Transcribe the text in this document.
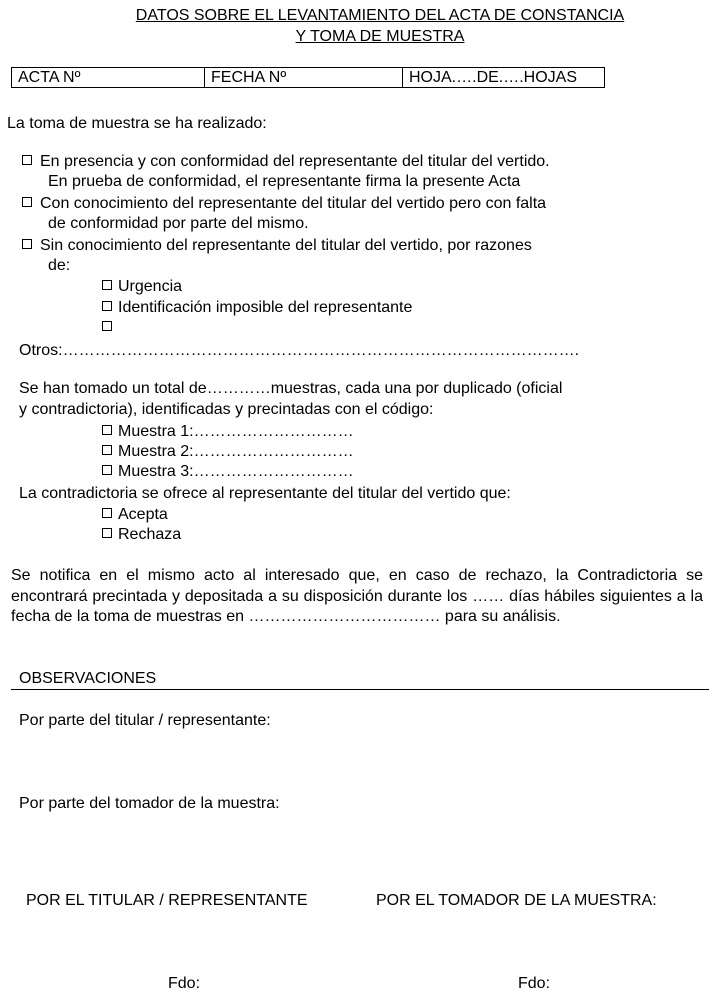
DATOS SOBRE EL LEVANTAMIENTO DEL ACTA DE CONSTANCIA
Y TOMA DE MUESTRA
ACTA Nº	FECHA Nº	HOJA.….DE.….HOJAS
La toma de muestra se ha realizado:
En presencia y con conformidad del representante del titular del vertido.
En prueba de conformidad, el representante firma la presente Acta
Con conocimiento del representante del titular del vertido pero con falta
de conformidad por parte del mismo.
Sin conocimiento del representante del titular del vertido, por razones
de:
Urgencia
Identificación imposible del representante
Otros:…………………………………………………………………………………….
Se han tomado un total de…………muestras, cada una por duplicado (oficial
y contradictoria), identificadas y precintadas con el código:
Muestra 1:…………………………
Muestra 2:…………………………
Muestra 3:…………………………
La contradictoria se ofrece al representante del titular del vertido que:
Acepta
Rechaza
Se notifica en el mismo acto al interesado que, en caso de rechazo, la Contradictoria se encontrará precintada y depositada a su disposición durante los …… días hábiles siguientes a la fecha de la toma de muestras en ……………………………… para su análisis.
OBSERVACIONES
Por parte del titular / representante:
Por parte del tomador de la muestra:
POR EL TITULAR / REPRESENTANTE	POR EL TOMADOR DE LA MUESTRA:
Fdo:	Fdo:
